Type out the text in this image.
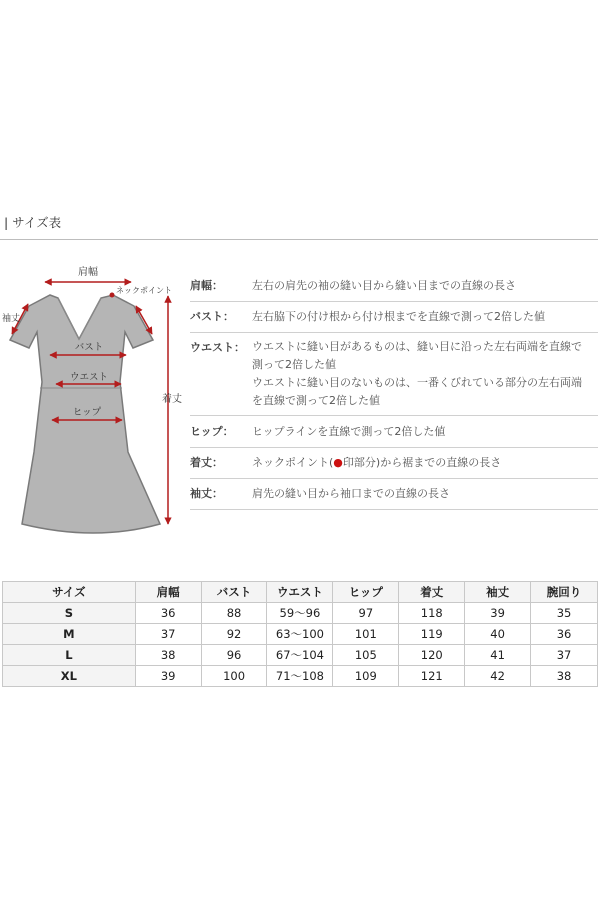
| サイズ表
肩幅
ネックポイント
袖丈
バスト
ウエスト
ヒップ
着丈
肩幅：	左右の肩先の袖の縫い目から縫い目までの直線の長さ
バスト：	左右脇下の付け根から付け根までを直線で測って2倍した値
ウエスト： ウエストに縫い目があるものは、縫い目に沿った左右両端を直線で
測って2倍した値
ウエストに縫い目のないものは、一番くびれている部分の左右両端
を直線で測って2倍した値
ヒップ：	ヒップラインを直線で測って2倍した値
着丈：	ネックポイント(●印部分)から裾までの直線の長さ
袖丈：	肩先の縫い目から袖口までの直線の長さ
サイズ	肩幅	バスト	ウエスト	ヒップ	着丈	袖丈	腕回り
S	36	88	59〜96	97	118	39	35
M	37	92	63〜100	101	119	40	36
L	38	96	67〜104	105	120	41	37
XL	39	100	71〜108	109	121	42	38
